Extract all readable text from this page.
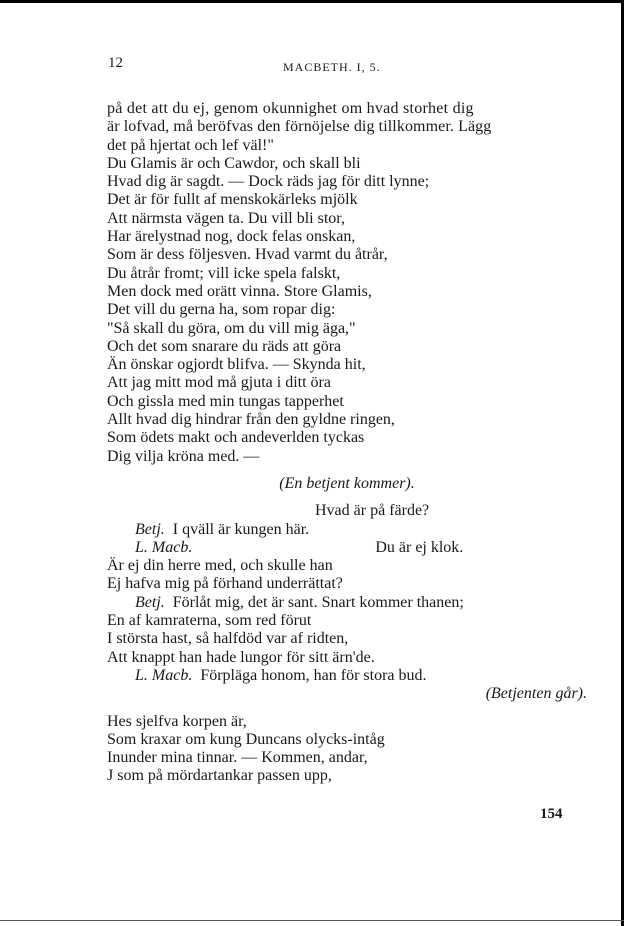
12	MACBETH. I, 5.
på det att du ej, genom okunnighet om hvad storhet dig
är lofvad, må beröfvas den förnöjelse dig tillkommer. Lägg
det på hjertat och lef väl!"
Du Glamis är och Cawdor, och skall bli
Hvad dig är sagdt. — Dock räds jag för ditt lynne;
Det är för fullt af menskokärleks mjölk
Att närmsta vägen ta. Du vill bli stor,
Har ärelystnad nog, dock felas onskan,
Som är dess följesven. Hvad varmt du åtrår,
Du åtrår fromt; vill icke spela falskt,
Men dock med orätt vinna. Store Glamis,
Det vill du gerna ha, som ropar dig:
"Så skall du göra, om du vill mig äga,"
Och det som snarare du räds att göra
Än önskar ogjordt blifva. — Skynda hit,
Att jag mitt mod må gjuta i ditt öra
Och gissla med min tungas tapperhet
Allt hvad dig hindrar från den gyldne ringen,
Som ödets makt och andeverlden tyckas
Dig vilja kröna med. —
(En betjent kommer).
Hvad är på färde?
Betj. I qväll är kungen här.
L. Macb.	Du är ej klok.
Är ej din herre med, och skulle han
Ej hafva mig på förhand underrättat?
Betj. Förlåt mig, det är sant. Snart kommer thanen;
En af kamraterna, som red förut
I största hast, så halfdöd var af ridten,
Att knappt han hade lungor för sitt ärn'de.
L. Macb. Förpläga honom, han för stora bud.
(Betjenten går).
Hes sjelfva korpen är,
Som kraxar om kung Duncans olycks-intåg
Inunder mina tinnar. — Kommen, andar,
J som på mördartankar passen upp,
154
